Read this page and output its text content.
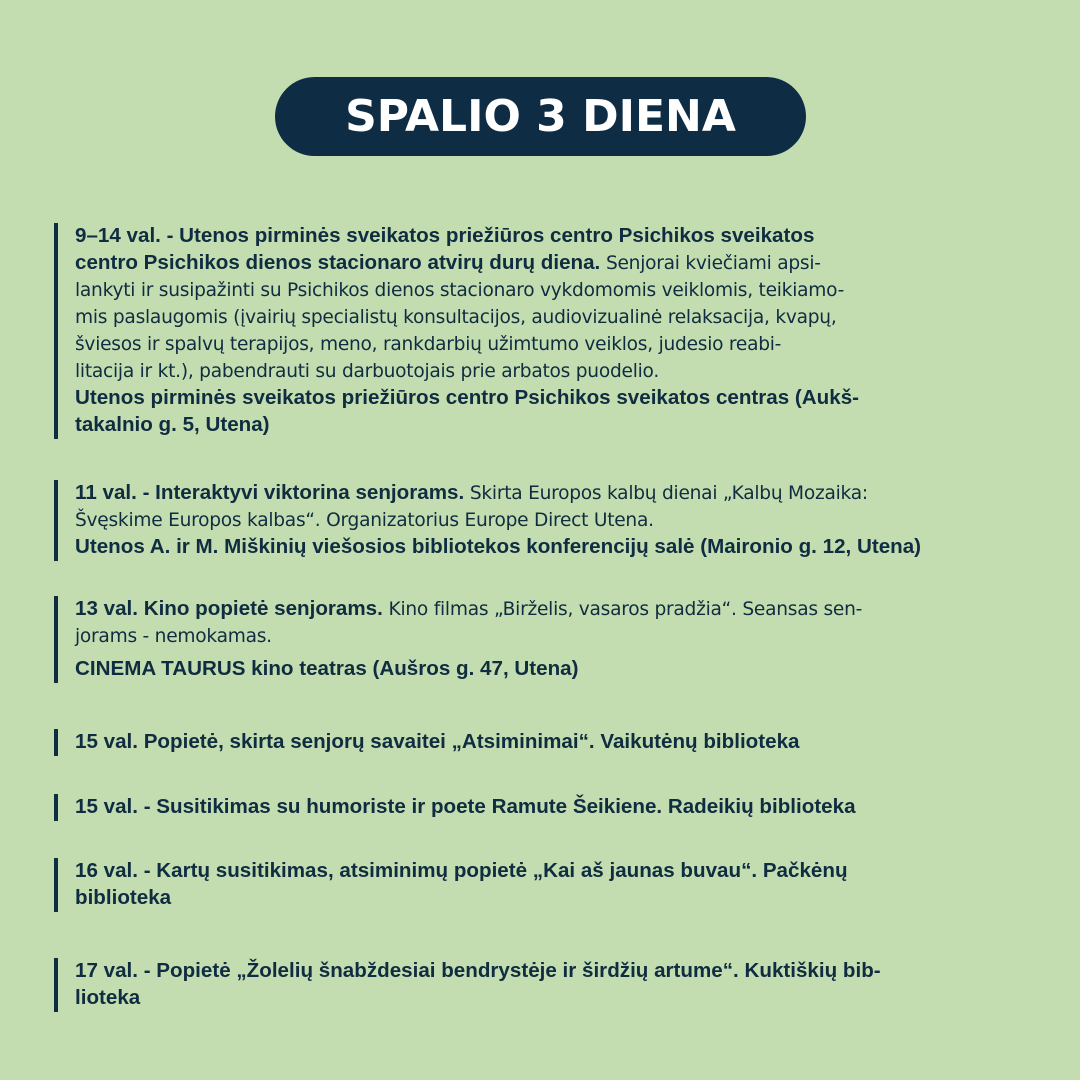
SPALIO 3 DIENA

9–14 val. - Utenos pirminės sveikatos priežiūros centro Psichikos sveikatos

centro Psichikos dienos stacionaro atvirų durų diena. Senjorai kviečiami apsi-

lankyti ir susipažinti su Psichikos dienos stacionaro vykdomomis veiklomis, teikiamo-

mis paslaugomis (įvairių specialistų konsultacijos, audiovizualinė relaksacija, kvapų,

šviesos ir spalvų terapijos, meno, rankdarbių užimtumo veiklos, judesio reabi-

litacija ir kt.), pabendrauti su darbuotojais prie arbatos puodelio.

Utenos pirminės sveikatos priežiūros centro Psichikos sveikatos centras (Aukš-

takalnio g. 5, Utena)

11 val. - Interaktyvi viktorina senjorams. Skirta Europos kalbų dienai „Kalbų Mozaika:

Švęskime Europos kalbas“. Organizatorius Europe Direct Utena.

Utenos A. ir M. Miškinių viešosios bibliotekos konferencijų salė (Maironio g. 12, Utena)

13 val. Kino popietė senjorams. Kino filmas „Birželis, vasaros pradžia“. Seansas sen-

jorams - nemokamas.

CINEMA TAURUS kino teatras (Aušros g. 47, Utena)

15 val. Popietė, skirta senjorų savaitei „Atsiminimai“. Vaikutėnų biblioteka

15 val. - Susitikimas su humoriste ir poete Ramute Šeikiene. Radeikių biblioteka

16 val. - Kartų susitikimas, atsiminimų popietė „Kai aš jaunas buvau“. Pačkėnų

biblioteka

17 val. - Popietė „Žolelių šnabždesiai bendrystėje ir širdžių artume“. Kuktiškių bib-

lioteka
